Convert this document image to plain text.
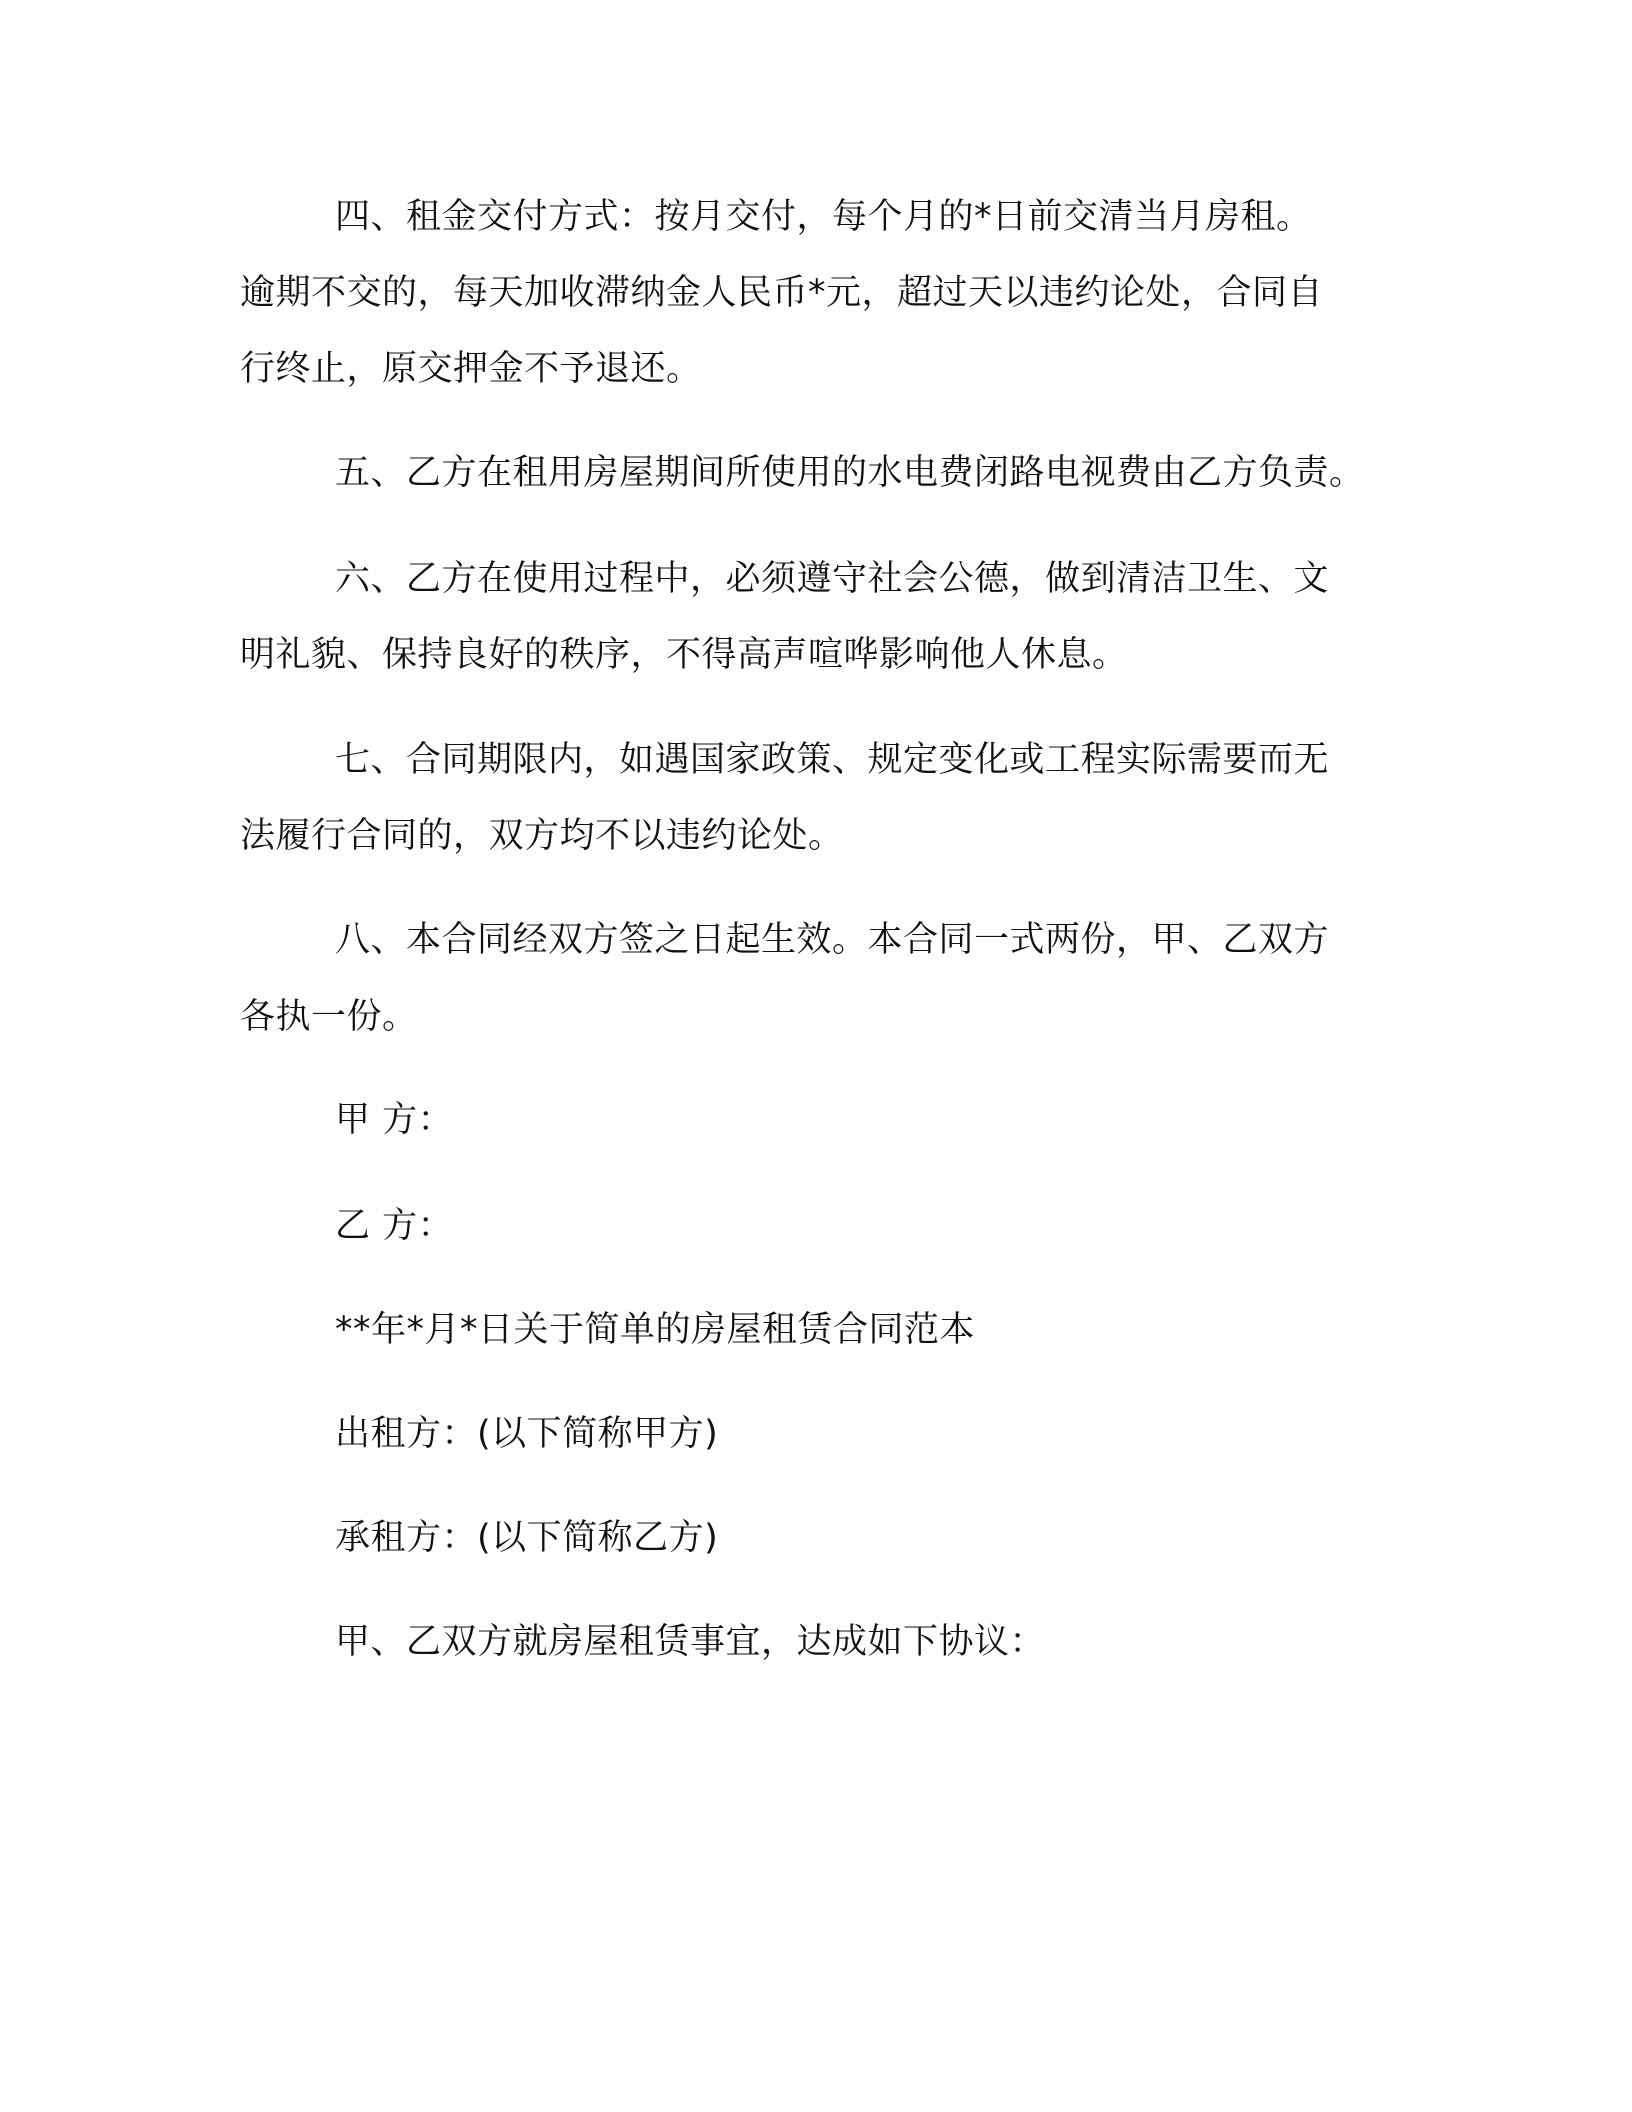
四、租金交付方式：按月交付，每个月的*日前交清当月房租。
逾期不交的，每天加收滞纳金人民币*元，超过天以违约论处，合同自
行终止，原交押金不予退还。
五、乙方在租用房屋期间所使用的水电费闭路电视费由乙方负责。
六、乙方在使用过程中，必须遵守社会公德，做到清洁卫生、文
明礼貌、保持良好的秩序，不得高声喧哗影响他人休息。
七、合同期限内，如遇国家政策、规定变化或工程实际需要而无
法履行合同的，双方均不以违约论处。
八、本合同经双方签之日起生效。本合同一式两份，甲、乙双方
各执一份。
甲 方：
乙 方：
**年*月*日关于简单的房屋租赁合同范本
出租方：(以下简称甲方)
承租方：(以下简称乙方)
甲、乙双方就房屋租赁事宜，达成如下协议：
